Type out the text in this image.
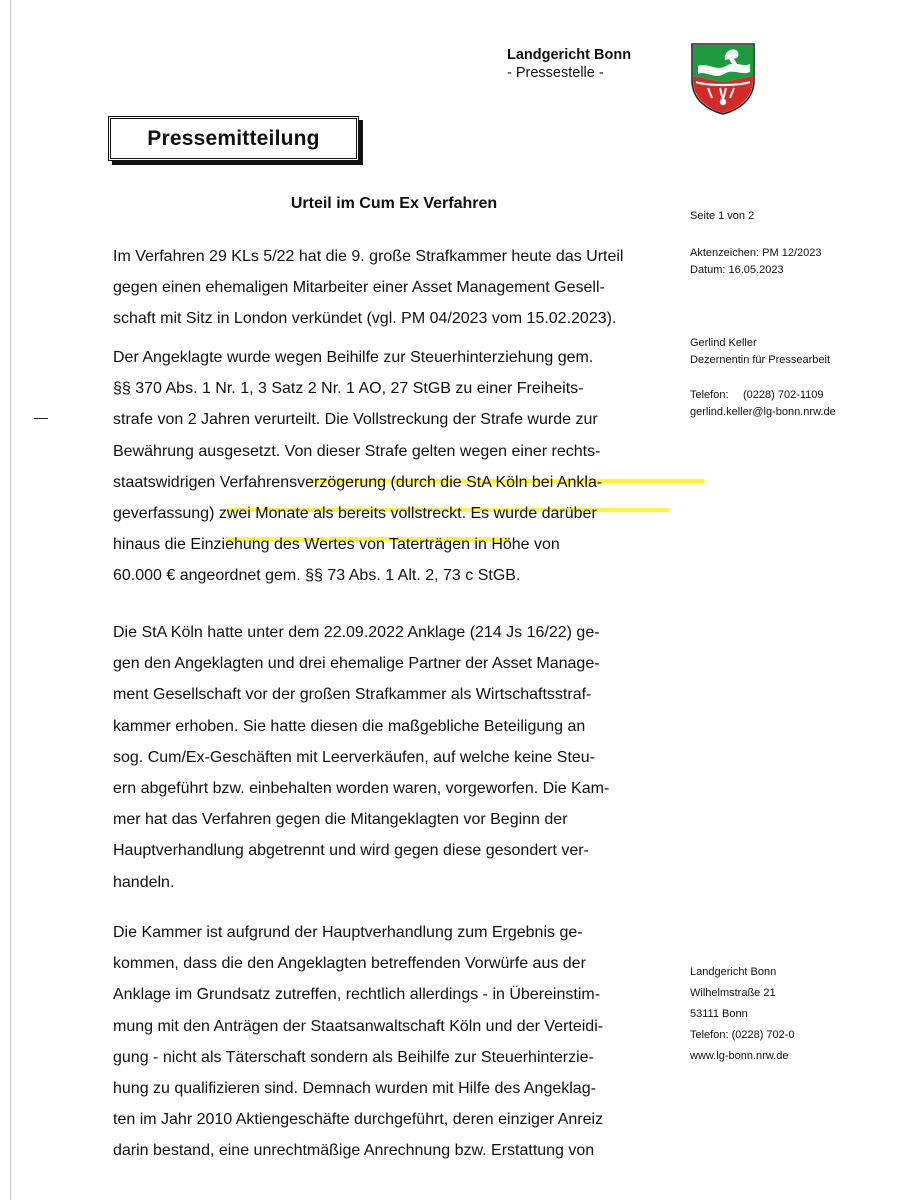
Landgericht Bonn
- Pressestelle -
Pressemitteilung
Urteil im Cum Ex Verfahren

Im Verfahren 29 KLs 5/22 hat die 9. große Strafkammer heute das Urteil
gegen einen ehemaligen Mitarbeiter einer Asset Management Gesell-
schaft mit Sitz in London verkündet (vgl. PM 04/2023 vom 15.02.2023).

Der Angeklagte wurde wegen Beihilfe zur Steuerhinterziehung gem.
§§ 370 Abs. 1 Nr. 1, 3 Satz 2 Nr. 1 AO, 27 StGB zu einer Freiheits-
strafe von 2 Jahren verurteilt. Die Vollstreckung der Strafe wurde zur
Bewährung ausgesetzt. Von dieser Strafe gelten wegen einer rechts-
staatswidrigen Verfahrensverzögerung (durch die StA Köln bei Ankla-
geverfassung) zwei Monate als bereits vollstreckt. Es wurde darüber
hinaus die Einziehung des Wertes von Taterträgen in Höhe von
60.000 € angeordnet gem. §§ 73 Abs. 1 Alt. 2, 73 c StGB.

Die StA Köln hatte unter dem 22.09.2022 Anklage (214 Js 16/22) ge-
gen den Angeklagten und drei ehemalige Partner der Asset Manage-
ment Gesellschaft vor der großen Strafkammer als Wirtschaftsstraf-
kammer erhoben. Sie hatte diesen die maßgebliche Beteiligung an
sog. Cum/Ex-Geschäften mit Leerverkäufen, auf welche keine Steu-
ern abgeführt bzw. einbehalten worden waren, vorgeworfen. Die Kam-
mer hat das Verfahren gegen die Mitangeklagten vor Beginn der
Hauptverhandlung abgetrennt und wird gegen diese gesondert ver-
handeln.

Die Kammer ist aufgrund der Hauptverhandlung zum Ergebnis ge-
kommen, dass die den Angeklagten betreffenden Vorwürfe aus der
Anklage im Grundsatz zutreffen, rechtlich allerdings - in Übereinstim-
mung mit den Anträgen der Staatsanwaltschaft Köln und der Verteidi-
gung - nicht als Täterschaft sondern als Beihilfe zur Steuerhinterzie-
hung zu qualifizieren sind. Demnach wurden mit Hilfe des Angeklag-
ten im Jahr 2010 Aktiengeschäfte durchgeführt, deren einziger Anreiz
darin bestand, eine unrechtmäßige Anrechnung bzw. Erstattung von

Seite 1 von 2
Aktenzeichen: PM 12/2023
Datum: 16.05.2023
Gerlind Keller
Dezernentin für Pressearbeit
Telefon: (0228) 702-1109
gerlind.keller@lg-bonn.nrw.de
Landgericht Bonn
Wilhelmstraße 21
53111 Bonn
Telefon: (0228) 702-0
www.lg-bonn.nrw.de
